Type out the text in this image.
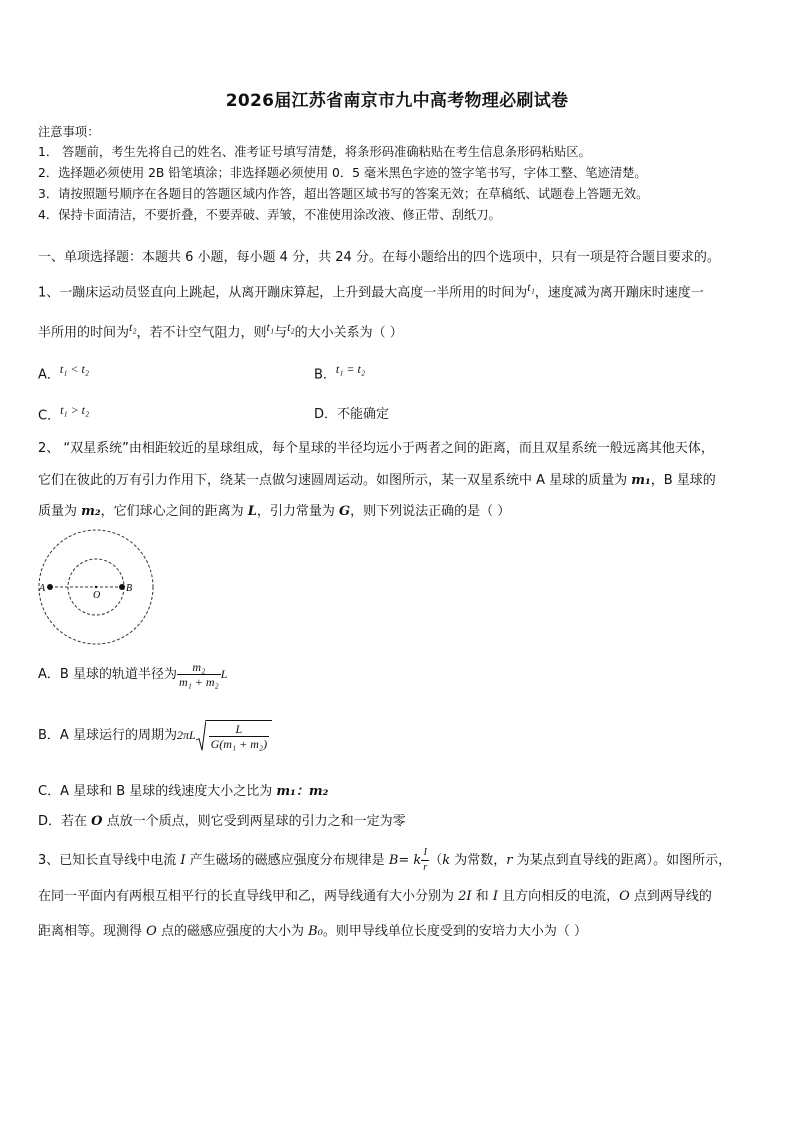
2026届江苏省南京市九中高考物理必刷试卷
注意事项：
1． 答题前，考生先将自己的姓名、准考证号填写清楚，将条形码准确粘贴在考生信息条形码粘贴区。
2．选择题必须使用 2B 铅笔填涂；非选择题必须使用 0．5 毫米黑色字迹的签字笔书写，字体工整、笔迹清楚。
3．请按照题号顺序在各题目的答题区域内作答，超出答题区域书写的答案无效；在草稿纸、试题卷上答题无效。
4．保持卡面清洁，不要折叠，不要弄破、弄皱，不准使用涂改液、修正带、刮纸刀。
一、单项选择题：本题共 6 小题，每小题 4 分，共 24 分。在每小题给出的四个选项中，只有一项是符合题目要求的。
1、一蹦床运动员竖直向上跳起，从离开蹦床算起，上升到最大高度一半所用的时间为$^{t_1}$，速度减为离开蹦床时速度一
半所用的时间为$^{t_2}$，若不计空气阻力，则$^{t_1}$与$^{t_2}$的大小关系为（ ）
A．$^{t_1 < t_2}$	B．$^{t_1 = t_2}$
C．$^{t_1 > t_2}$	D．不能确定
2、 “双星系统”由相距较近的星球组成，每个星球的半径均远小于两者之间的距离，而且双星系统一般远离其他天体，
它们在彼此的万有引力作用下，绕某一点做匀速圆周运动。如图所示，某一双星系统中 A 星球的质量为 m₁，B 星球的
质量为 m₂，它们球心之间的距离为 L，引力常量为 G，则下列说法正确的是（ ）
A
O
B
A．B 星球的轨道半径为 $\frac{\text{m₂}}{\text{m₁ + m₂}}$ L
B．A 星球运行的周期为$2\pi L \frac{L}{\text{G(m₁ + m₂)}}$
C．A 星球和 B 星球的线速度大小之比为 m₁：m₂
D．若在 O 点放一个质点，则它受到两星球的引力之和一定为零
3、已知长直导线中电流 I 产生磁场的磁感应强度分布规律是 B= k $\frac{I}{r} (k$ 为常数，r 为某点到直导线的距离）。如图所示，
在同一平面内有两根互相平行的长直导线甲和乙，两导线通有大小分别为 2I 和 I 且方向相反的电流，O 点到两导线的
距离相等。现测得 O 点的磁感应强度的大小为 B₀。则甲导线单位长度受到的安培力大小为（ ）
